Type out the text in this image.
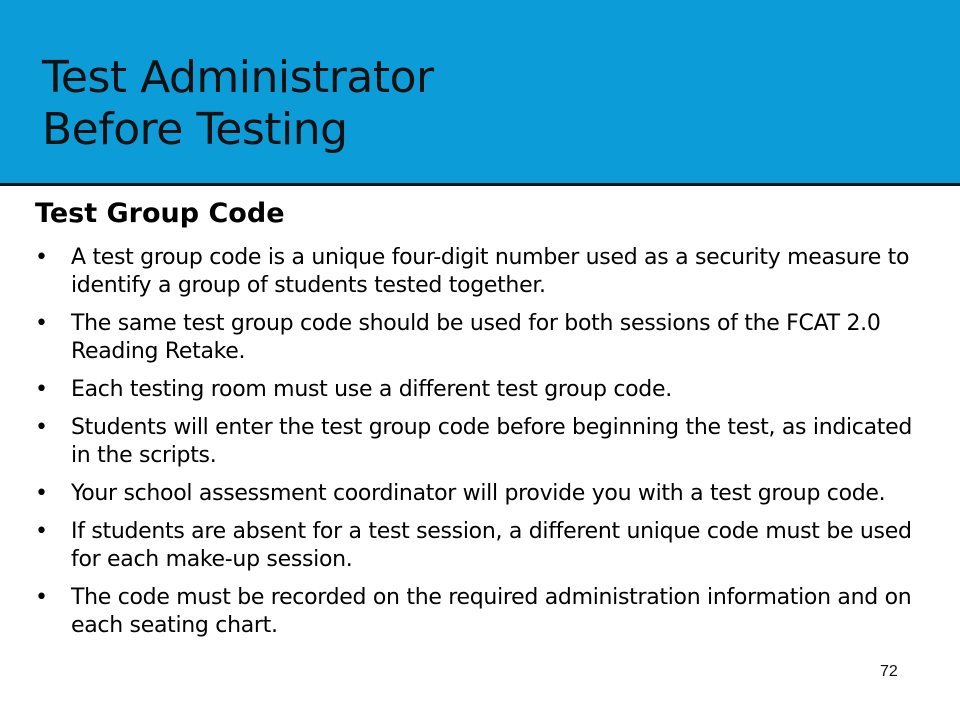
Test Administrator
Before Testing
Test Group Code
• A test group code is a unique four-digit number used as a security measure to identify a group of students tested together.
• The same test group code should be used for both sessions of the FCAT 2.0 Reading Retake.
• Each testing room must use a different test group code.
• Students will enter the test group code before beginning the test, as indicated in the scripts.
• Your school assessment coordinator will provide you with a test group code.
• If students are absent for a test session, a different unique code must be used for each make-up session.
• The code must be recorded on the required administration information and on each seating chart.
72
